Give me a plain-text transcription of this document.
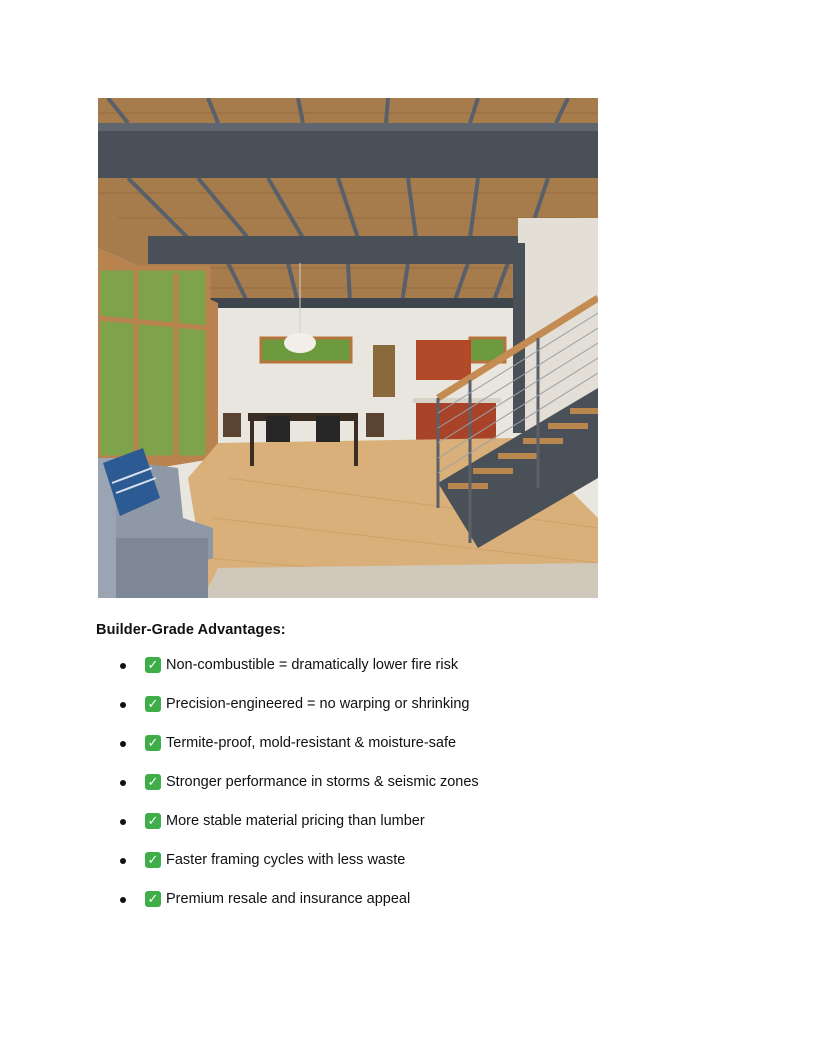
Builder-Grade Advantages:
✓ Non-combustible = dramatically lower fire risk
✓ Precision-engineered = no warping or shrinking
✓ Termite-proof, mold-resistant & moisture-safe
✓ Stronger performance in storms & seismic zones
✓ More stable material pricing than lumber
✓ Faster framing cycles with less waste
✓ Premium resale and insurance appeal
